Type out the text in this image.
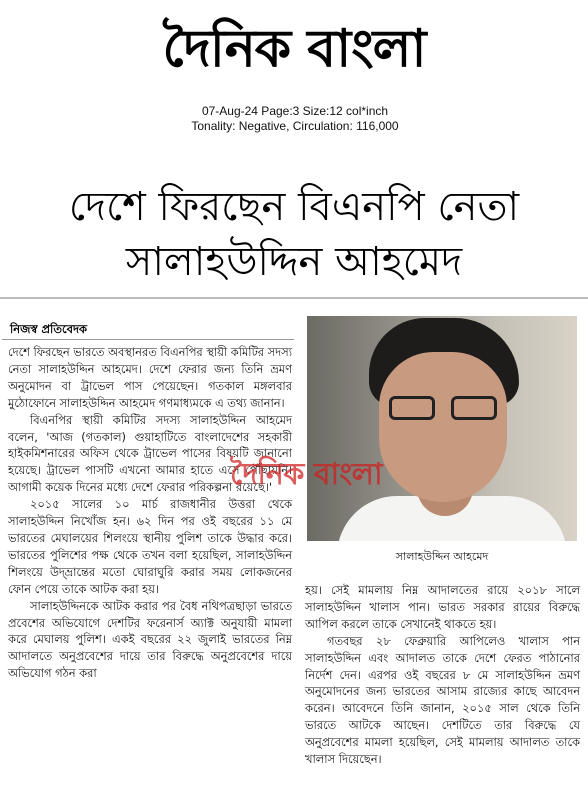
দৈনিক বাংলা
07-Aug-24 Page:3 Size:12 col*inch
Tonality: Negative, Circulation: 116,000
দেশে ফিরছেন বিএনপি নেতা
সালাহউদ্দিন আহমেদ
নিজস্ব প্রতিবেদক

দেশে ফিরছেন ভারতে অবস্থানরত বিএনপির স্থায়ী কমিটির সদস্য নেতা সালাহউদ্দিন আহমেদ। দেশে ফেরার জন্য তিনি ভ্রমণ অনুমোদন বা ট্রাভেল পাস পেয়েছেন। গতকাল মঙ্গলবার মুঠোফোনে সালাহউদ্দিন আহমেদ গণমাধ্যমকে এ তথ্য জানান।

বিএনপির স্থায়ী কমিটির সদস্য সালাহউদ্দিন আহমেদ বলেন, 'আজ (গতকাল) গুয়াহাটিতে বাংলাদেশের সহকারী হাইকমিশনারের অফিস থেকে ট্রাভেল পাসের বিষয়টি জানানো হয়েছে। ট্রাভেল পাসটি এখনো আমার হাতে এসে পৌঁছায়নি। আগামী কয়েক দিনের মধ্যে দেশে ফেরার পরিকল্পনা রয়েছে।'

২০১৫ সালের ১০ মার্চ রাজধানীর উত্তরা থেকে সালাহউদ্দিন নিখোঁজ হন। ৬২ দিন পর ওই বছরের ১১ মে ভারতের মেঘালয়ের শিলংয়ে স্থানীয় পুলিশ তাকে উদ্ধার করে। ভারতের পুলিশের পক্ষ থেকে তখন বলা হয়েছিল, সালাহউদ্দিন শিলংয়ে উদ্‌ভ্রান্তের মতো ঘোরাঘুরি করার সময় লোকজনের ফোন পেয়ে তাকে আটক করা হয়।

সালাহউদ্দিনকে আটক করার পর বৈধ নথিপত্রছাড়া ভারতে প্রবেশের অভিযোগে দেশটির ফরেনার্স অ্যাক্ট অনুযায়ী মামলা করে মেঘালয় পুলিশ। একই বছরের ২২ জুলাই ভারতের নিম্ন আদালতে অনুপ্রবেশের দায়ে তার বিরুদ্ধে অনুপ্রবেশের দায়ে অভিযোগ গঠন করা

দৈনিক বাংলা
সালাহউদ্দিন আহমেদ

হয়। সেই মামলায় নিম্ন আদালতের রায়ে ২০১৮ সালে সালাহউদ্দিন খালাস পান। ভারত সরকার রায়ের বিরুদ্ধে আপিল করলে তাকে সেখানেই থাকতে হয়।

গতবছর ২৮ ফেব্রুয়ারি আপিলেও খালাস পান সালাহউদ্দিন এবং আদালত তাকে দেশে ফেরত পাঠানোর নির্দেশ দেন। এরপর ওই বছরের ৮ মে সালাহউদ্দিন ভ্রমণ অনুমোদনের জন্য ভারতের আসাম রাজ্যের কাছে আবেদন করেন। আবেদনে তিনি জানান, ২০১৫ সাল থেকে তিনি ভারতে আটকে আছেন। দেশটিতে তার বিরুদ্ধে যে অনুপ্রবেশের মামলা হয়েছিল, সেই মামলায় আদালত তাকে খালাস দিয়েছেন।
